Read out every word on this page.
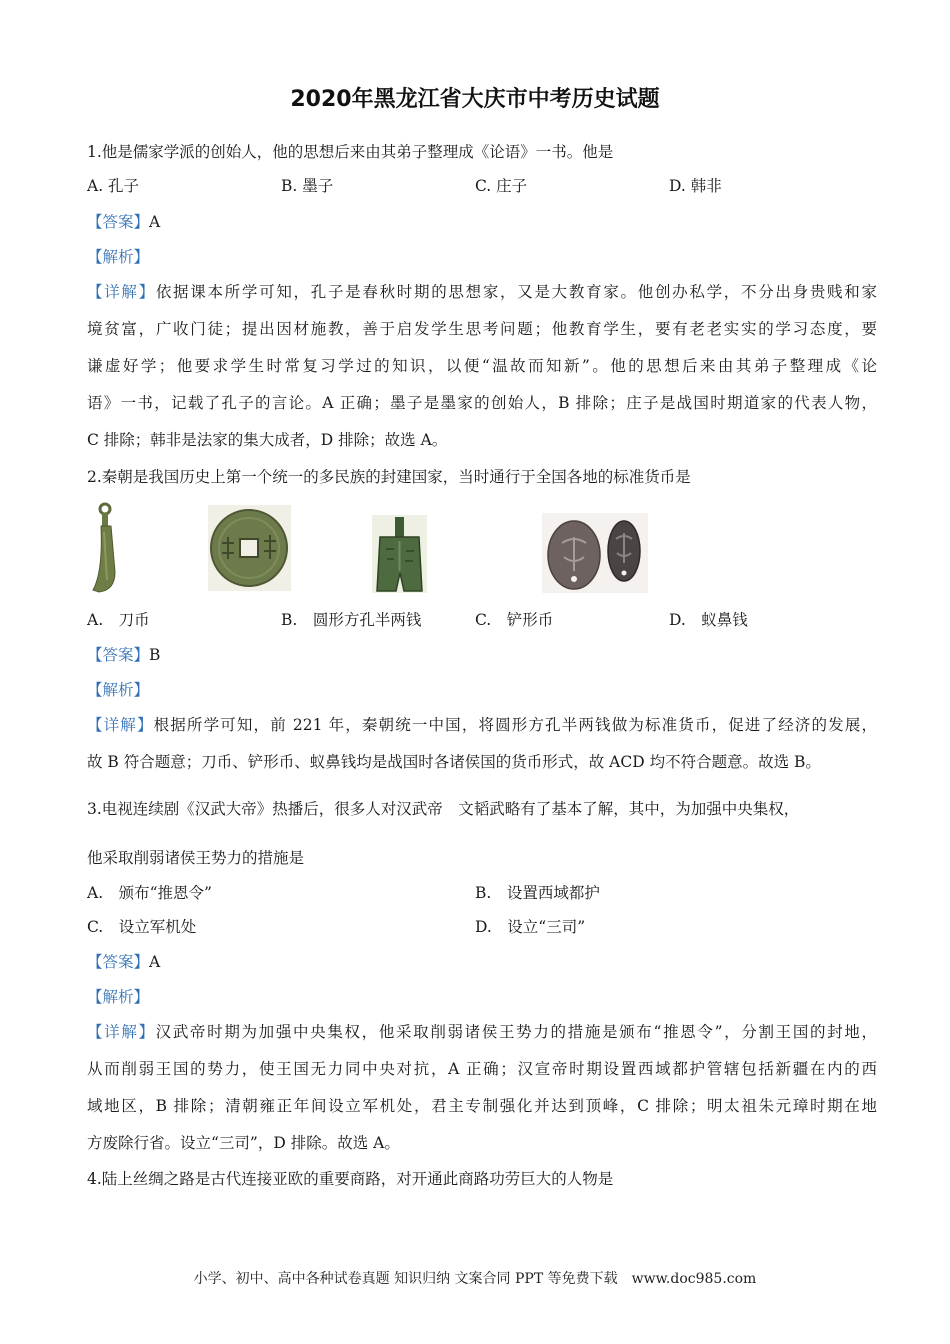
2020年黑龙江省大庆市中考历史试题
1.他是儒家学派的创始人，他的思想后来由其弟子整理成《论语》一书。他是
A. 孔子	B. 墨子	C. 庄子	D. 韩非
【答案】A
【解析】
【详解】依据课本所学可知，孔子是春秋时期的思想家，又是大教育家。他创办私学，不分出身贵贱和家
境贫富，广收门徒；提出因材施教，善于启发学生思考问题；他教育学生，要有老老实实的学习态度，要
谦虚好学；他要求学生时常复习学过的知识，以便“温故而知新”。他的思想后来由其弟子整理成《论
语》一书，记载了孔子的言论。A 正确；墨子是墨家的创始人，B 排除；庄子是战国时期道家的代表人物，
C 排除；韩非是法家的集大成者，D 排除；故选 A。
2.秦朝是我国历史上第一个统一的多民族的封建国家，当时通行于全国各地的标准货币是
A.　刀币	B.　圆形方孔半两钱	C.　铲形币	D.　蚁鼻钱
【答案】B
【解析】
【详解】根据所学可知，前 221 年，秦朝统一中国，将圆形方孔半两钱做为标准货币，促进了经济的发展，
故 B 符合题意；刀币、铲形币、蚁鼻钱均是战国时各诸侯国的货币形式，故 ACD 均不符合题意。故选 B。
3.电视连续剧《汉武大帝》热播后，很多人对汉武帝　文韬武略有了基本了解，其中，为加强中央集权，
他采取削弱诸侯王势力的措施是
A.　颁布“推恩令”	B.　设置西域都护
C.　设立军机处	D.　设立“三司”
【答案】A
【解析】
【详解】汉武帝时期为加强中央集权，他采取削弱诸侯王势力的措施是颁布“推恩令”，分割王国的封地，
从而削弱王国的势力，使王国无力同中央对抗，A 正确；汉宣帝时期设置西域都护管辖包括新疆在内的西
域地区，B 排除；清朝雍正年间设立军机处，君主专制强化并达到顶峰，C 排除；明太祖朱元璋时期在地
方废除行省。设立“三司”，D 排除。故选 A。
4.陆上丝绸之路是古代连接亚欧的重要商路，对开通此商路功劳巨大的人物是
小学、初中、高中各种试卷真题 知识归纳 文案合同 PPT 等免费下载　www.doc985.com
